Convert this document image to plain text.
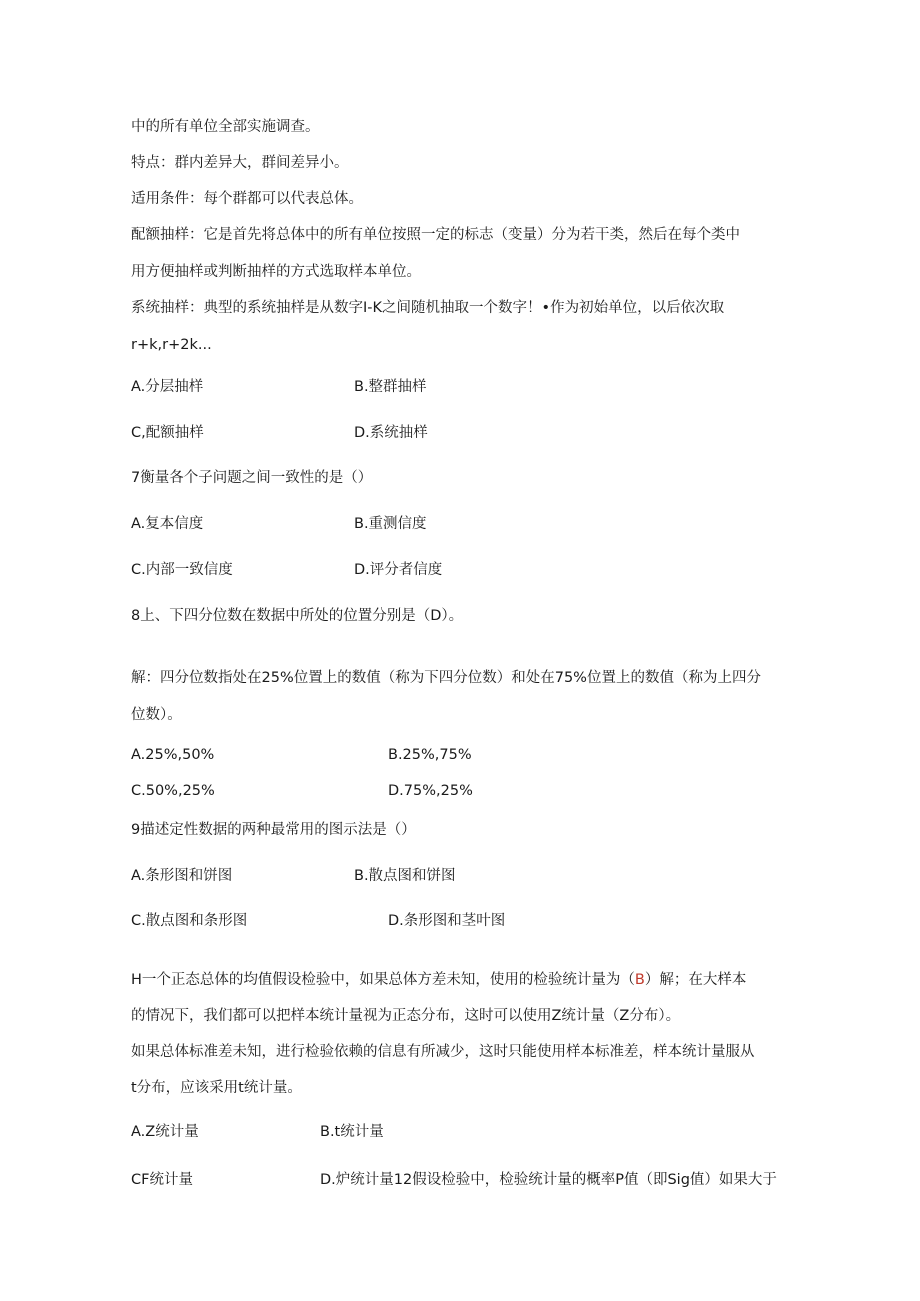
中的所有单位全部实施调查。
特点：群内差异大，群间差异小。
适用条件：每个群都可以代表总体。
配额抽样：它是首先将总体中的所有单位按照一定的标志（变量）分为若干类，然后在每个类中
用方便抽样或判断抽样的方式选取样本单位。
系统抽样：典型的系统抽样是从数字I-K之间随机抽取一个数字！•作为初始单位，以后依次取
r+k,r+2k...
A.分层抽样	B.整群抽样
C,配额抽样	D.系统抽样
7衡量各个子问题之间一致性的是（）
A.复本信度	B.重测信度
C.内部一致信度	D.评分者信度
8上、下四分位数在数据中所处的位置分别是（D）。
解：四分位数指处在25%位置上的数值（称为下四分位数）和处在75%位置上的数值（称为上四分
位数）。
A.25%,50%	B.25%,75%
C.50%,25%	D.75%,25%
9描述定性数据的两种最常用的图示法是（）
A.条形图和饼图	B.散点图和饼图
C.散点图和条形图	D.条形图和茎叶图
H一个正态总体的均值假设检验中，如果总体方差未知，使用的检验统计量为（B）解；在大样本
的情况下，我们都可以把样本统计量视为正态分布，这时可以使用Z统计量（Z分布）。
如果总体标准差未知，进行检验依赖的信息有所减少，这时只能使用样本标准差，样本统计量服从
t分布，应该采用t统计量。
A.Z统计量	B.t统计量
CF统计量	D.炉统计量12假设检验中，检验统计量的概率P值（即Sig值）如果大于
